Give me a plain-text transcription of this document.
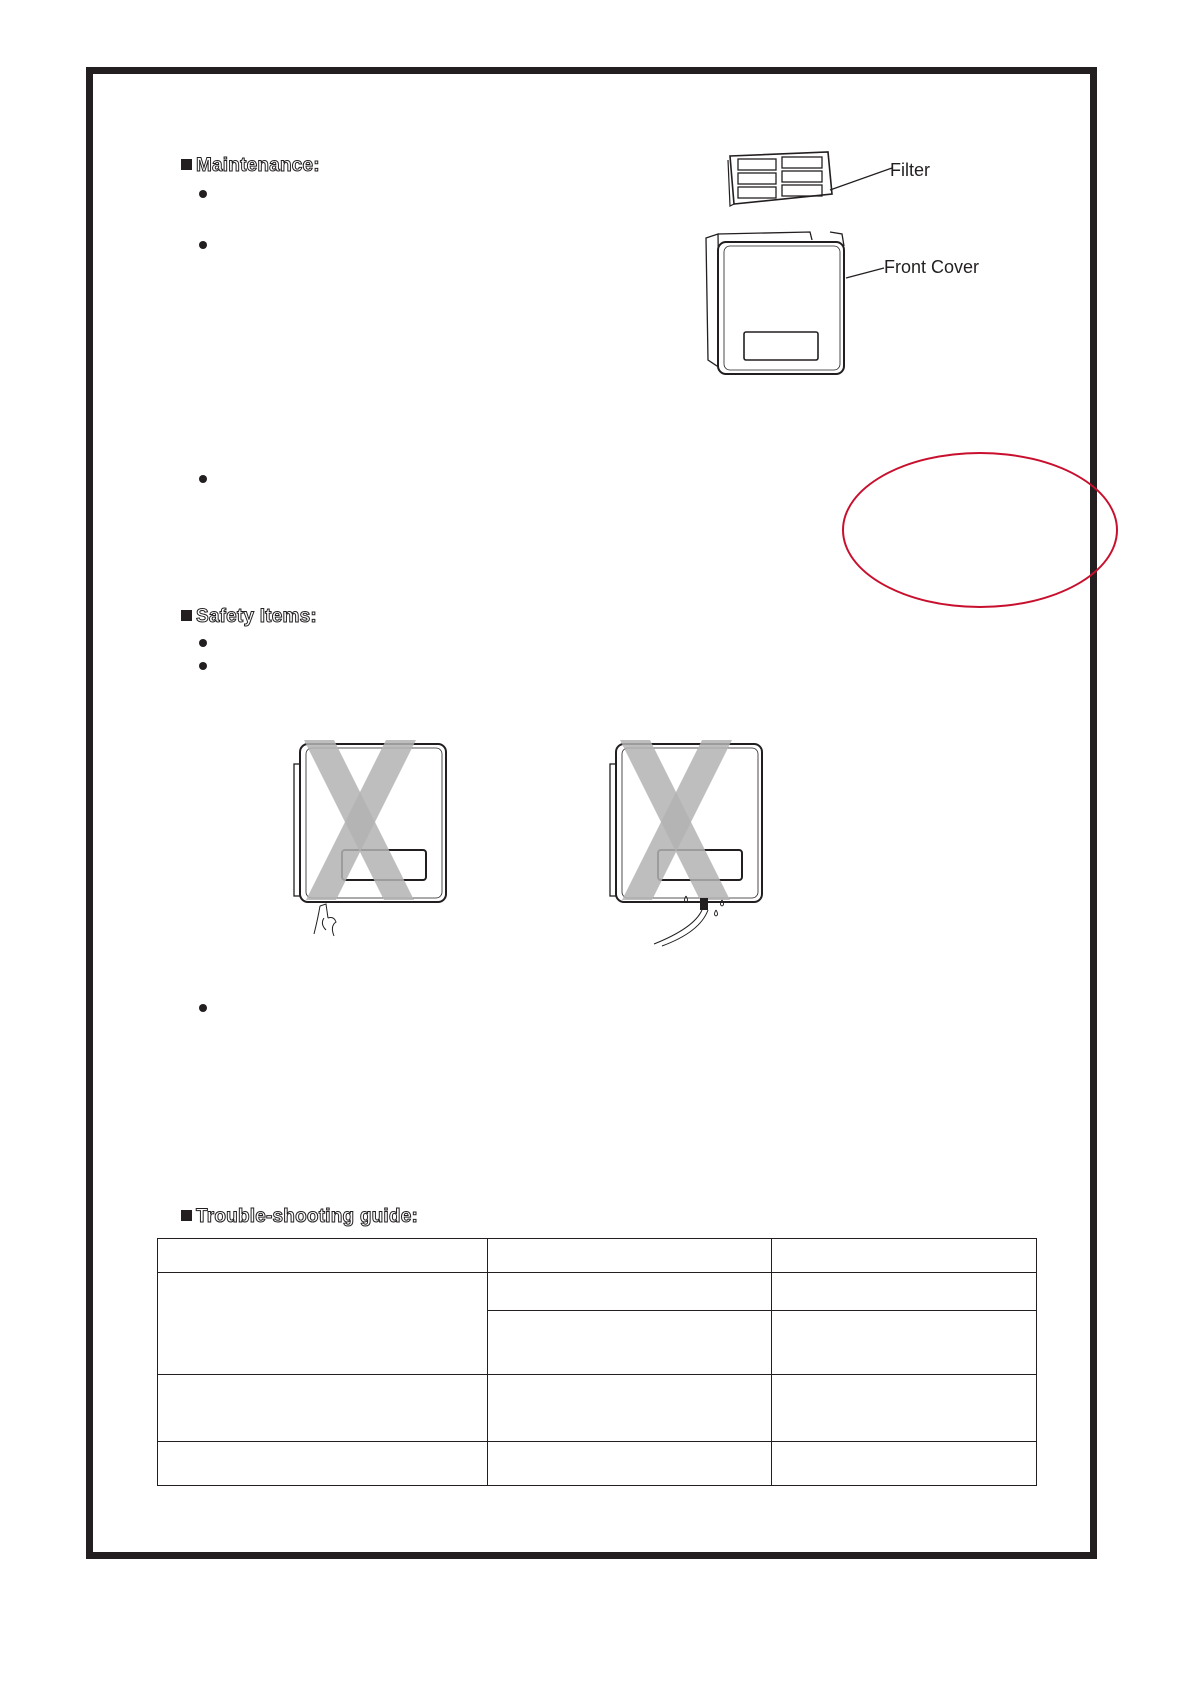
Maintenance:	Filter
Front Cover
Safety Items:
Trouble-shooting guide:
